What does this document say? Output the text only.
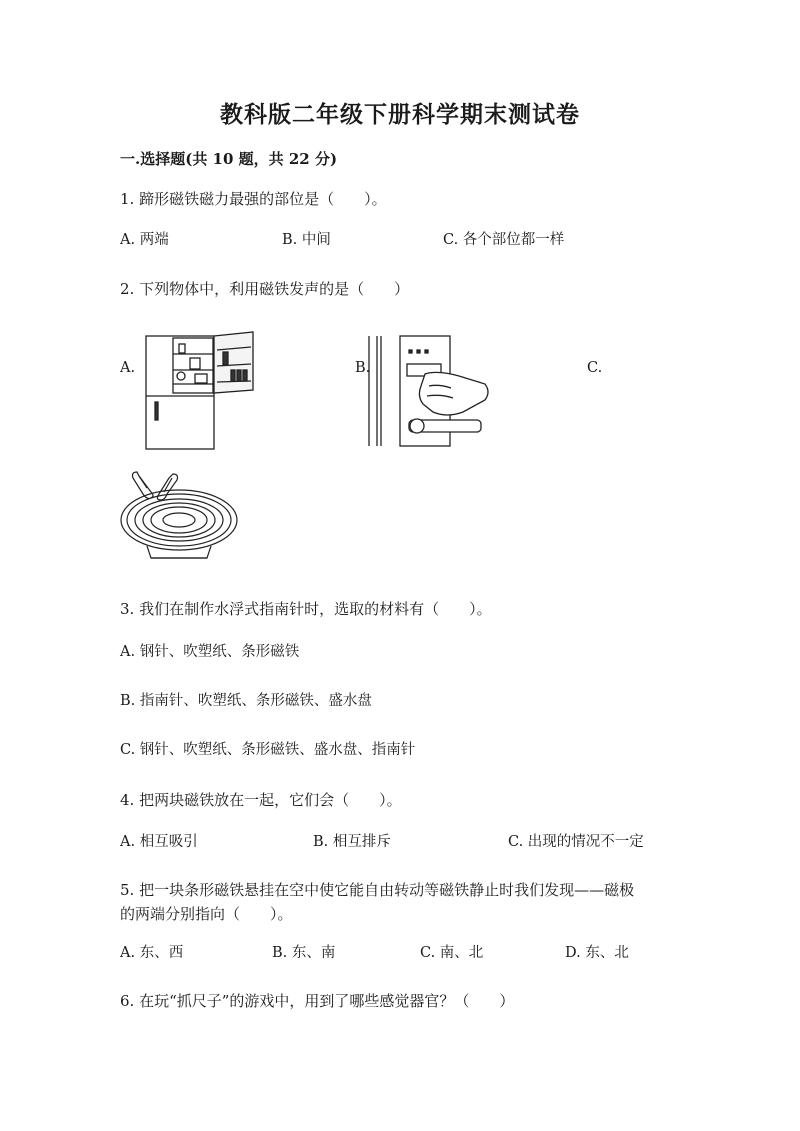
教科版二年级下册科学期末测试卷
一.选择题(共 10 题，共 22 分)
1. 蹄形磁铁磁力最强的部位是（　　）。
A. 两端	B. 中间	C. 各个部位都一样
2. 下列物体中，利用磁铁发声的是（　　）
A.	B.	C.
3. 我们在制作水浮式指南针时，选取的材料有（　　）。
A. 钢针、吹塑纸、条形磁铁
B. 指南针、吹塑纸、条形磁铁、盛水盘
C. 钢针、吹塑纸、条形磁铁、盛水盘、指南针
4. 把两块磁铁放在一起，它们会（　　）。
A. 相互吸引	B. 相互排斥	C. 出现的情况不一定
5. 把一块条形磁铁悬挂在空中使它能自由转动等磁铁静止时我们发现——磁极
的两端分别指向（　　）。
A. 东、西	B. 东、南	C. 南、北	D. 东、北
6. 在玩“抓尺子”的游戏中，用到了哪些感觉器官？（　　）
